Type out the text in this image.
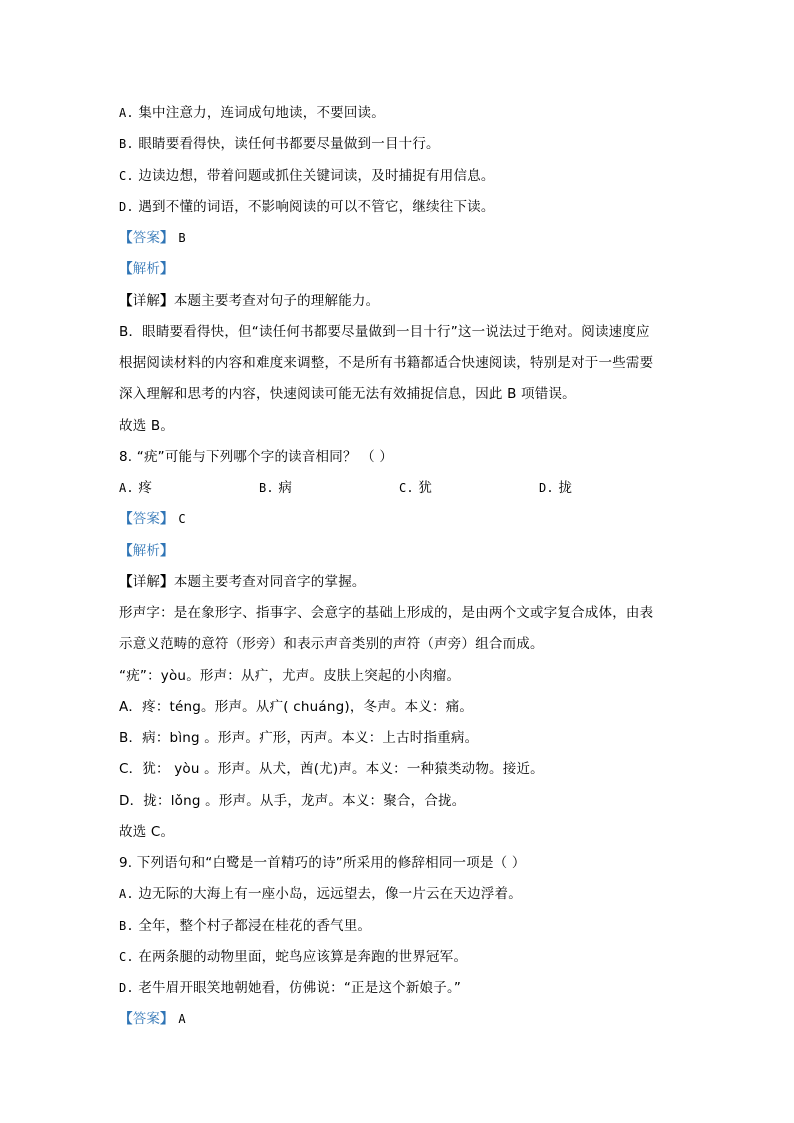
A. 集中注意力，连词成句地读，不要回读。
B. 眼睛要看得快，读任何书都要尽量做到一目十行。
C. 边读边想，带着问题或抓住关键词读，及时捕捉有用信息。
D. 遇到不懂的词语，不影响阅读的可以不管它，继续往下读。
【答案】 B
【解析】
【详解】本题主要考查对句子的理解能力。
B．眼睛要看得快，但“读任何书都要尽量做到一目十行”这一说法过于绝对。阅读速度应
根据阅读材料的内容和难度来调整，不是所有书籍都适合快速阅读，特别是对于一些需要
深入理解和思考的内容，快速阅读可能无法有效捕捉信息，因此 B 项错误。
故选 B。
8. “疣”可能与下列哪个字的读音相同？ （ ）
A. 疼	B. 病	C. 犹	D. 拢
【答案】 C
【解析】
【详解】本题主要考查对同音字的掌握。
形声字：是在象形字、指事字、会意字的基础上形成的，是由两个文或字复合成体，由表
示意义范畴的意符（形旁）和表示声音类别的声符（声旁）组合而成。
“疣”：yòu。形声：从疒，尤声。皮肤上突起的小肉瘤。
A．疼：téng。形声。从疒( chuáng)，冬声。本义：痛。
B．病：bìng 。形声。疒形，丙声。本义：上古时指重病。
C．犹： yòu 。形声。从犬，酋(尤)声。本义：一种猿类动物。接近。
D．拢：lǒng 。形声。从手，龙声。本义：聚合，合拢。
故选 C。
9. 下列语句和“白鹭是一首精巧的诗”所采用的修辞相同一项是（ ）
A. 边无际的大海上有一座小岛，远远望去，像一片云在天边浮着。
B. 全年，整个村子都浸在桂花的香气里。
C. 在两条腿的动物里面，蛇鸟应该算是奔跑的世界冠军。
D. 老牛眉开眼笑地朝她看，仿佛说：“正是这个新娘子。”
【答案】 A
